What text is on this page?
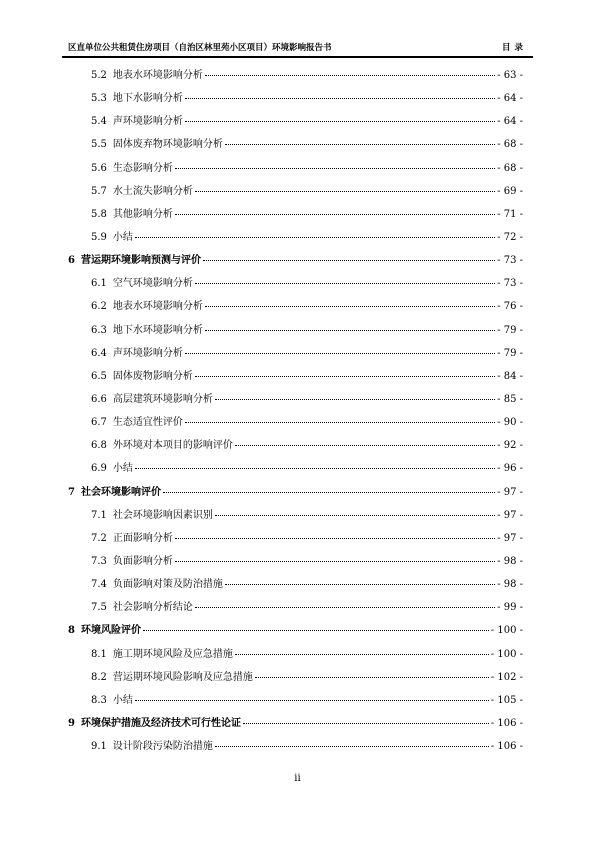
区直单位公共租赁住房项目（自治区林里苑小区项目）环境影响报告书	目录
5.2 地表水环境影响分析	- 63 -
5.3 地下水影响分析	- 64 -
5.4 声环境影响分析	- 64 -
5.5 固体废弃物环境影响分析	- 68 -
5.6 生态影响分析	- 68 -
5.7 水土流失影响分析	- 69 -
5.8 其他影响分析	- 71 -
5.9 小结	- 72 -
6 营运期环境影响预测与评价	- 73 -
6.1 空气环境影响分析	- 73 -
6.2 地表水环境影响分析	- 76 -
6.3 地下水环境影响分析	- 79 -
6.4 声环境影响分析	- 79 -
6.5 固体废物影响分析	- 84 -
6.6 高层建筑环境影响分析	- 85 -
6.7 生态适宜性评价	- 90 -
6.8 外环境对本项目的影响评价	- 92 -
6.9 小结	- 96 -
7 社会环境影响评价	- 97 -
7.1 社会环境影响因素识别	- 97 -
7.2 正面影响分析	- 97 -
7.3 负面影响分析	- 98 -
7.4 负面影响对策及防治措施	- 98 -
7.5 社会影响分析结论	- 99 -
8 环境风险评价	- 100 -
8.1 施工期环境风险及应急措施	- 100 -
8.2 营运期环境风险影响及应急措施	- 102 -
8.3 小结	- 105 -
9 环境保护措施及经济技术可行性论证	- 106 -
9.1 设计阶段污染防治措施	- 106 -
ii
